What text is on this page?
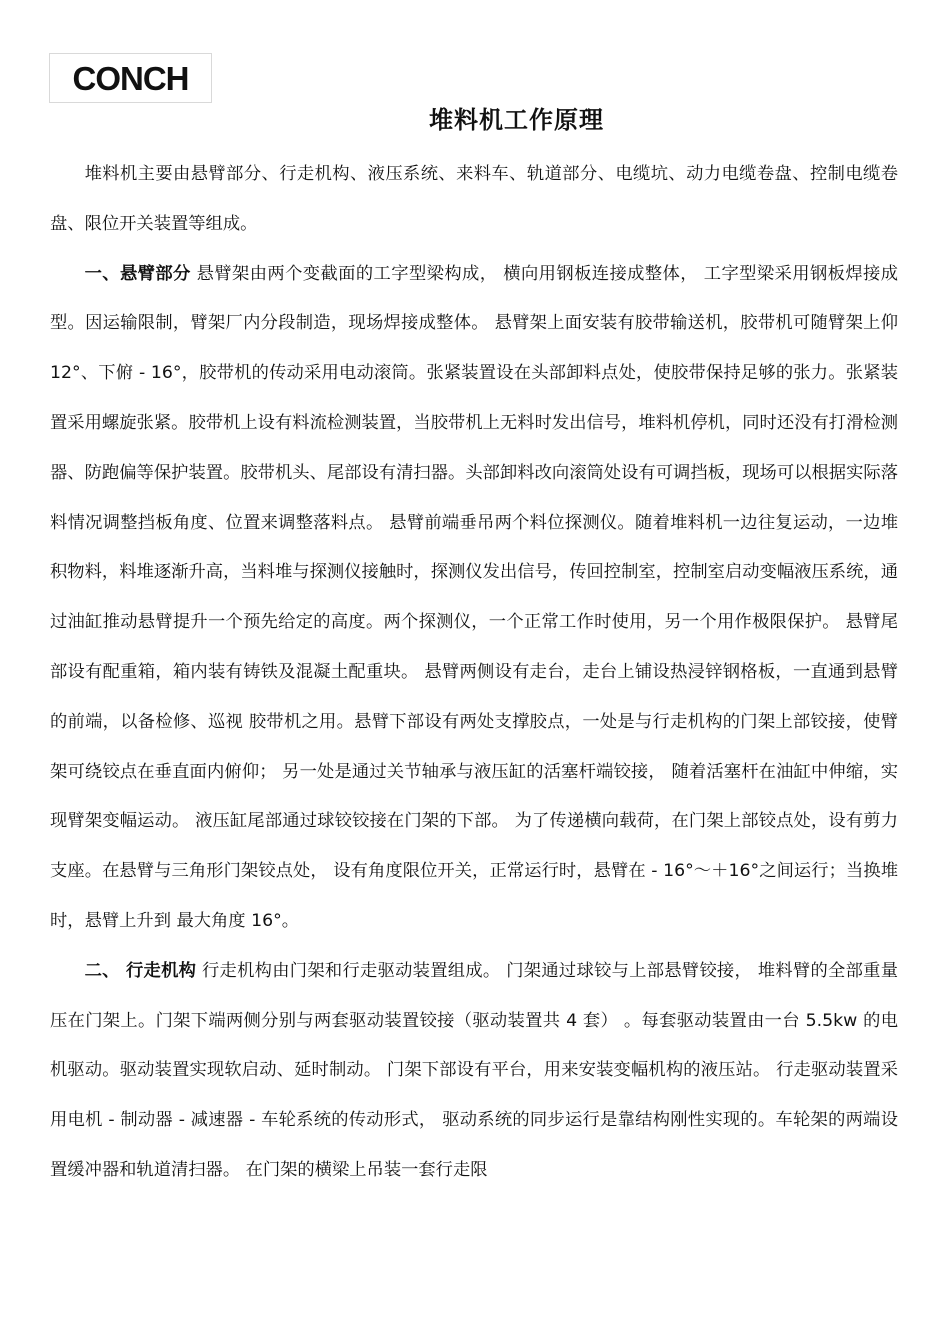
CONCH
堆料机工作原理

堆料机主要由悬臂部分、行走机构、液压系统、来料车、轨道部分、电缆坑、动力电缆卷盘、控制电缆卷盘、限位开关装置等组成。

一、悬臂部分 悬臂架由两个变截面的工字型梁构成， 横向用钢板连接成整体， 工字型梁采用钢板焊接成型。因运输限制，臂架厂内分段制造，现场焊接成整体。 悬臂架上面安装有胶带输送机，胶带机可随臂架上仰 12°、下俯 - 16°，胶带机的传动采用电动滚筒。张紧装置设在头部卸料点处，使胶带保持足够的张力。张紧装置采用螺旋张紧。胶带机上设有料流检测装置，当胶带机上无料时发出信号，堆料机停机，同时还没有打滑检测器、防跑偏等保护装置。胶带机头、尾部设有清扫器。头部卸料改向滚筒处设有可调挡板，现场可以根据实际落料情况调整挡板角度、位置来调整落料点。 悬臂前端垂吊两个料位探测仪。随着堆料机一边往复运动，一边堆积物料，料堆逐渐升高，当料堆与探测仪接触时，探测仪发出信号，传回控制室，控制室启动变幅液压系统，通过油缸推动悬臂提升一个预先给定的高度。两个探测仪，一个正常工作时使用，另一个用作极限保护。 悬臂尾部设有配重箱，箱内装有铸铁及混凝土配重块。 悬臂两侧设有走台，走台上铺设热浸锌钢格板，一直通到悬臂的前端，以备检修、巡视 胶带机之用。悬臂下部设有两处支撑胶点，一处是与行走机构的门架上部铰接，使臂架可绕铰点在垂直面内俯仰； 另一处是通过关节轴承与液压缸的活塞杆端铰接， 随着活塞杆在油缸中伸缩，实现臂架变幅运动。 液压缸尾部通过球铰铰接在门架的下部。 为了传递横向载荷，在门架上部铰点处，设有剪力支座。在悬臂与三角形门架铰点处， 设有角度限位开关，正常运行时，悬臂在 - 16°～＋16°之间运行；当换堆时，悬臂上升到 最大角度 16°。

二、 行走机构 行走机构由门架和行走驱动装置组成。 门架通过球铰与上部悬臂铰接， 堆料臂的全部重量压在门架上。门架下端两侧分别与两套驱动装置铰接（驱动装置共 4 套） 。每套驱动装置由一台 5.5kw 的电机驱动。驱动装置实现软启动、延时制动。 门架下部设有平台，用来安装变幅机构的液压站。 行走驱动装置采用电机 - 制动器 - 减速器 - 车轮系统的传动形式， 驱动系统的同步运行是靠结构刚性实现的。车轮架的两端设置缓冲器和轨道清扫器。 在门架的横梁上吊装一套行走限
